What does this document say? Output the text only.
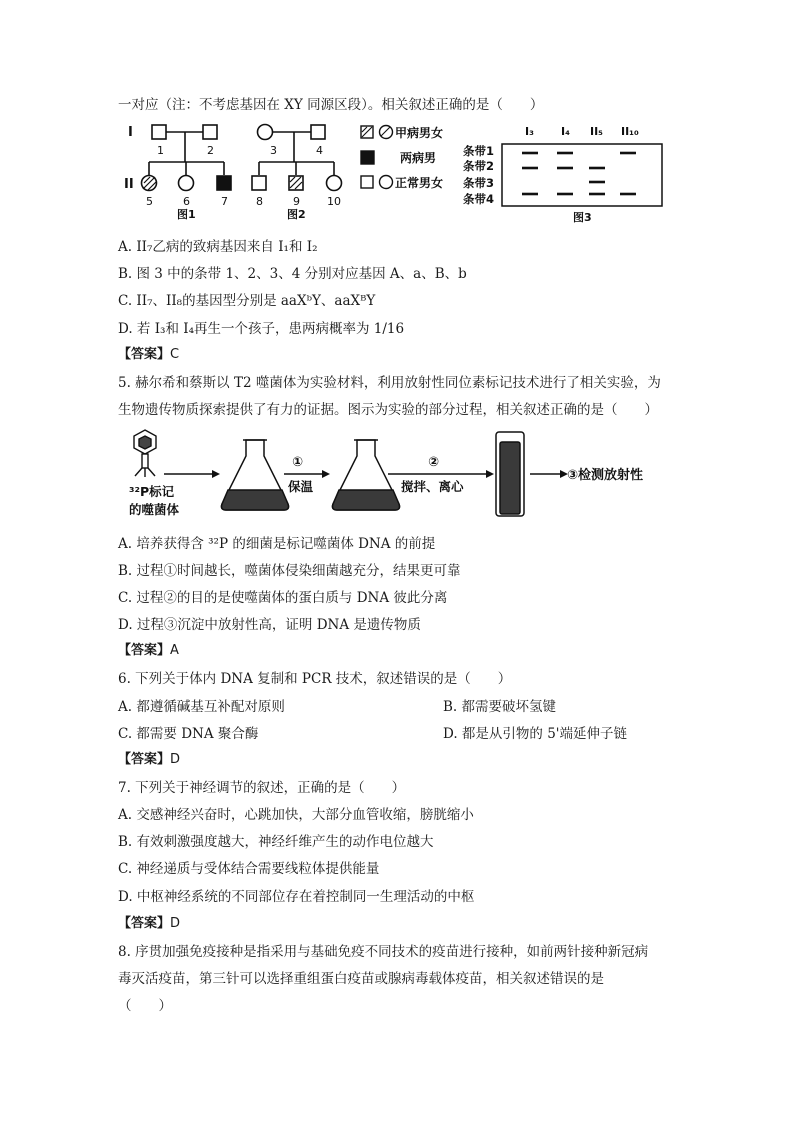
一对应（注：不考虑基因在 XY 同源区段）。相关叙述正确的是（　　）
I
II
1	2
5	6	7
图1
3	4
8	9 10
图2
甲病男女
两病男
正常男女
I₃ I₄ II₅ II₁₀
条带1
条带2
条带3
条带4
图3
A. II₇乙病的致病基因来自 I₁和 I₂
B. 图 3 中的条带 1、2、3、4 分别对应基因 A、a、B、b
C. II₇、II₈的基因型分别是 aaXᵇY、aaXᴮY
D. 若 I₃和 I₄再生一个孩子，患两病概率为 1/16
【答案】C
5. 赫尔希和蔡斯以 T2 噬菌体为实验材料，利用放射性同位素标记技术进行了相关实验，为
生物遗传物质探索提供了有力的证据。图示为实验的部分过程，相关叙述正确的是（　　）
³²P标记
的噬菌体
①
保温
②
搅拌、离心
③检测放射性
A. 培养获得含 ³²P 的细菌是标记噬菌体 DNA 的前提
B. 过程①时间越长，噬菌体侵染细菌越充分，结果更可靠
C. 过程②的目的是使噬菌体的蛋白质与 DNA 彼此分离
D. 过程③沉淀中放射性高，证明 DNA 是遗传物质
【答案】A
6. 下列关于体内 DNA 复制和 PCR 技术，叙述错误的是（　　）
A. 都遵循碱基互补配对原则	B. 都需要破坏氢键
C. 都需要 DNA 聚合酶	D. 都是从引物的 5'端延伸子链
【答案】D
7. 下列关于神经调节的叙述，正确的是（　　）
A. 交感神经兴奋时，心跳加快，大部分血管收缩，膀胱缩小
B. 有效刺激强度越大，神经纤维产生的动作电位越大
C. 神经递质与受体结合需要线粒体提供能量
D. 中枢神经系统的不同部位存在着控制同一生理活动的中枢
【答案】D
8. 序贯加强免疫接种是指采用与基础免疫不同技术的疫苗进行接种，如前两针接种新冠病
毒灭活疫苗，第三针可以选择重组蛋白疫苗或腺病毒载体疫苗，相关叙述错误的是
（　　）
